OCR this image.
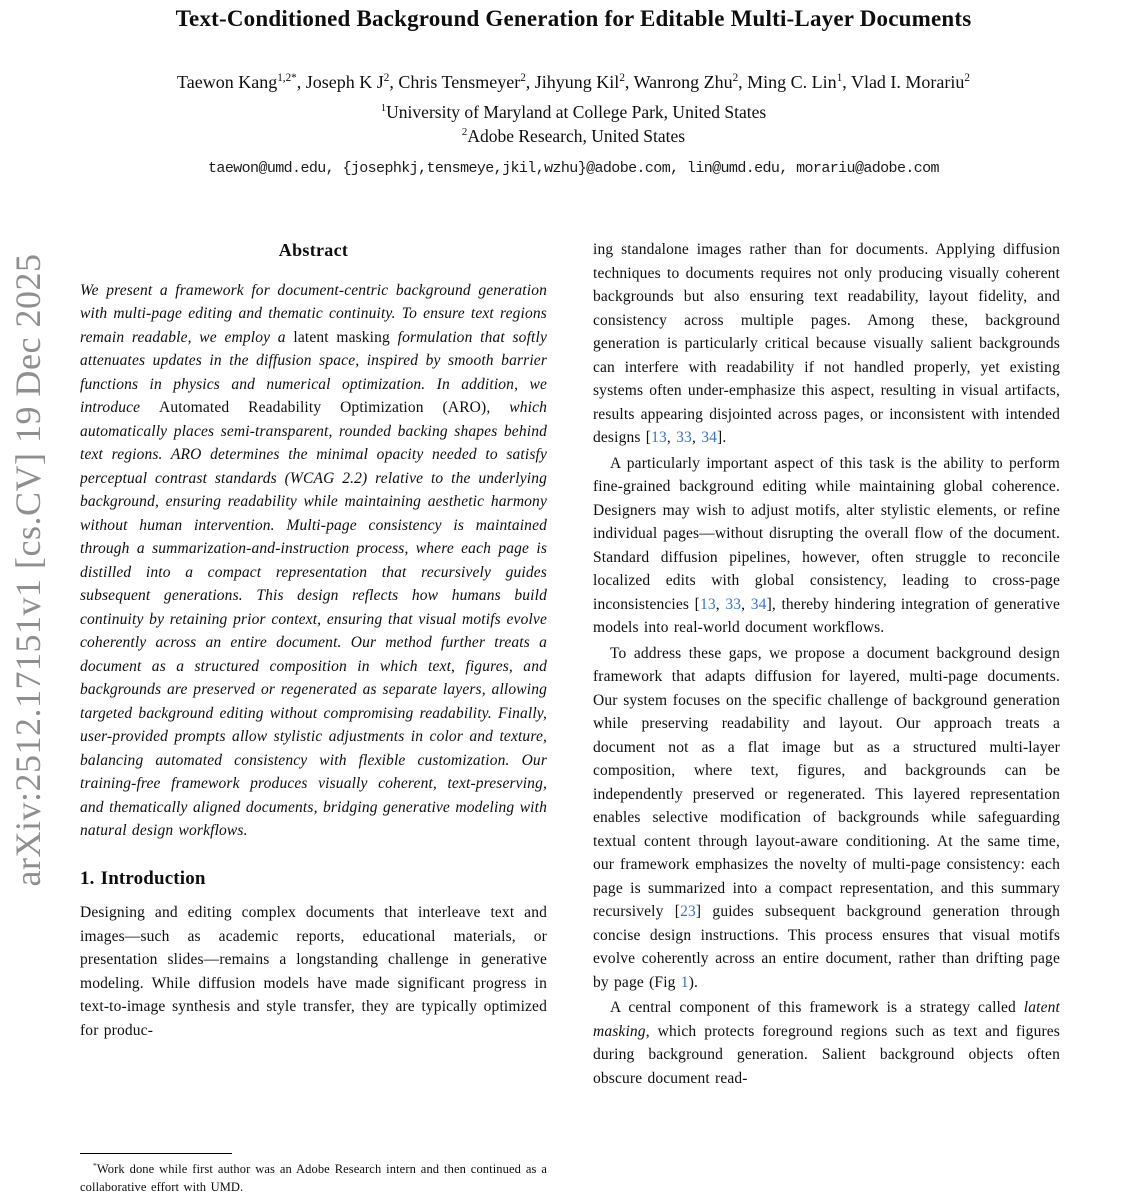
arXiv:2512.17151v1 [cs.CV] 19 Dec 2025
Text-Conditioned Background Generation for Editable Multi-Layer Documents
Taewon Kang$^{1,2*}$, Joseph K $J^2$, Chris Tensmeyer$^2$, Jihyung Kil$^2$, Wanrong Zhu$^2$, Ming C. Lin$^1$, Vlad I. Morariu$^2$
$^1$University of Maryland at College Park, United States
$^2$Adobe Research, United States
taewon@umd.edu, {josephkj,tensmeye,jkil,wzhu}@adobe.com, lin@umd.edu, morariu@adobe.com
Abstract

We present a framework for document-centric background generation with multi-page editing and thematic continuity. To ensure text regions remain readable, we employ a latent masking formulation that softly attenuates updates in the diffusion space, inspired by smooth barrier functions in physics and numerical optimization. In addition, we introduce Automated Readability Optimization (ARO), which automatically places semi-transparent, rounded backing shapes behind text regions. ARO determines the minimal opacity needed to satisfy perceptual contrast standards (WCAG 2.2) relative to the underlying background, ensuring readability while maintaining aesthetic harmony without human intervention. Multi-page consistency is maintained through a summarization-and-instruction process, where each page is distilled into a compact representation that recursively guides subsequent generations. This design reflects how humans build continuity by retaining prior context, ensuring that visual motifs evolve coherently across an entire document. Our method further treats a document as a structured composition in which text, figures, and backgrounds are preserved or regenerated as separate layers, allowing targeted background editing without compromising readability. Finally, user-provided prompts allow stylistic adjustments in color and texture, balancing automated consistency with flexible customization. Our training-free framework produces visually coherent, text-preserving, and thematically aligned documents, bridging generative modeling with natural design workflows.

1. Introduction

Designing and editing complex documents that interleave text and images—such as academic reports, educational materials, or presentation slides—remains a longstanding challenge in generative modeling. While diffusion models have made significant progress in text-to-image synthesis and style transfer, they are typically optimized for produc-

*Work done while first author was an Adobe Research intern and then continued as a collaborative effort with UMD.

ing standalone images rather than for documents. Applying diffusion techniques to documents requires not only producing visually coherent backgrounds but also ensuring text readability, layout fidelity, and consistency across multiple pages. Among these, background generation is particularly critical because visually salient backgrounds can interfere with readability if not handled properly, yet existing systems often under-emphasize this aspect, resulting in visual artifacts, results appearing disjointed across pages, or inconsistent with intended designs [13, 33, 34].

A particularly important aspect of this task is the ability to perform fine-grained background editing while maintaining global coherence. Designers may wish to adjust motifs, alter stylistic elements, or refine individual pages—without disrupting the overall flow of the document. Standard diffusion pipelines, however, often struggle to reconcile localized edits with global consistency, leading to cross-page inconsistencies [13, 33, 34], thereby hindering integration of generative models into real-world document workflows.

To address these gaps, we propose a document background design framework that adapts diffusion for layered, multi-page documents. Our system focuses on the specific challenge of background generation while preserving readability and layout. Our approach treats a document not as a flat image but as a structured multi-layer composition, where text, figures, and backgrounds can be independently preserved or regenerated. This layered representation enables selective modification of backgrounds while safeguarding textual content through layout-aware conditioning. At the same time, our framework emphasizes the novelty of multi-page consistency: each page is summarized into a compact representation, and this summary recursively [23] guides subsequent background generation through concise design instructions. This process ensures that visual motifs evolve coherently across an entire document, rather than drifting page by page (Fig 1).

A central component of this framework is a strategy called latent masking, which protects foreground regions such as text and figures during background generation. Salient background objects often obscure document read-
